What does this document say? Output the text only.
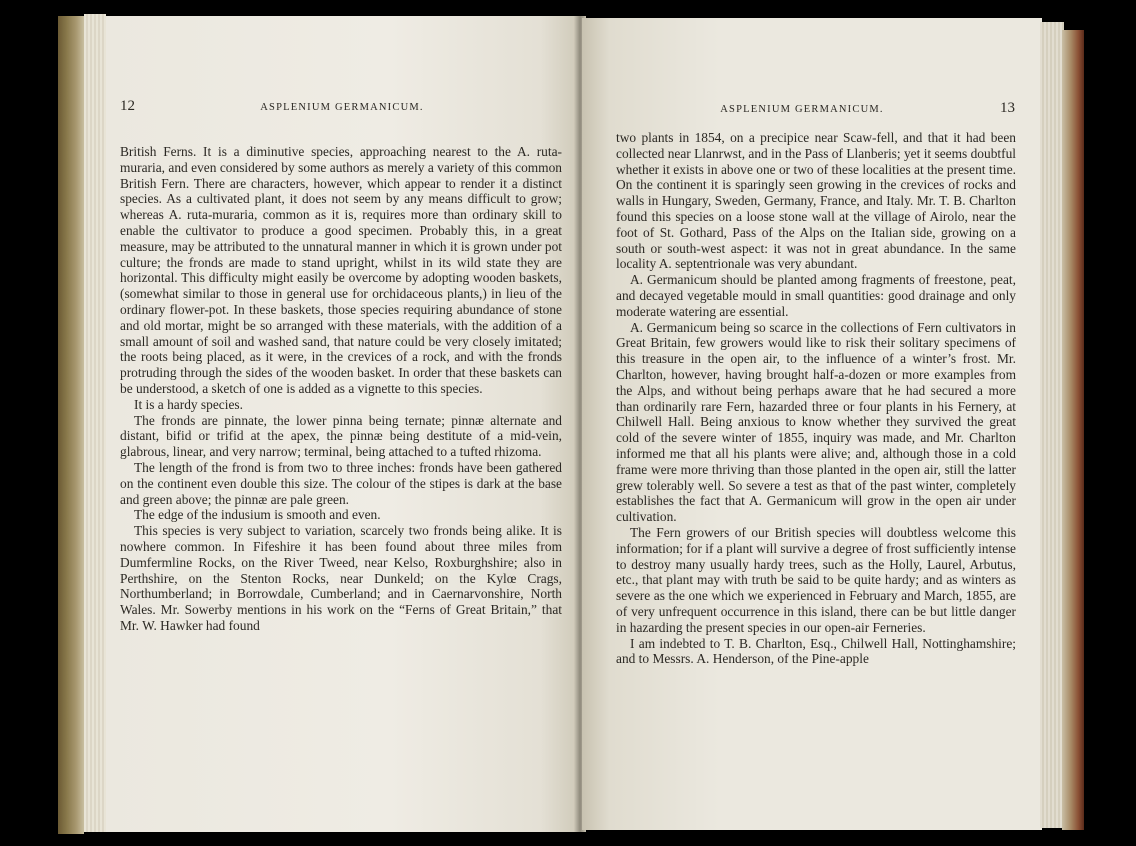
12	ASPLENIUM GERMANICUM.

British Ferns. It is a diminutive species, approaching nearest to the A. ruta-muraria, and even considered by some authors as merely a variety of this common British Fern. There are characters, however, which appear to render it a distinct species. As a cultivated plant, it does not seem by any means difficult to grow; whereas A. ruta-muraria, common as it is, requires more than ordinary skill to enable the cultivator to produce a good specimen. Probably this, in a great measure, may be attributed to the unnatural manner in which it is grown under pot culture; the fronds are made to stand upright, whilst in its wild state they are horizontal. This difficulty might easily be overcome by adopting wooden baskets, (somewhat similar to those in general use for orchidaceous plants,) in lieu of the ordinary flower-pot. In these baskets, those species requiring abundance of stone and old mortar, might be so arranged with these materials, with the addition of a small amount of soil and washed sand, that nature could be very closely imitated; the roots being placed, as it were, in the crevices of a rock, and with the fronds protruding through the sides of the wooden basket. In order that these baskets can be understood, a sketch of one is added as a vignette to this species.

It is a hardy species.

The fronds are pinnate, the lower pinna being ternate; pinnæ alternate and distant, bifid or trifid at the apex, the pinnæ being destitute of a mid-vein, glabrous, linear, and very narrow; terminal, being attached to a tufted rhizoma.

The length of the frond is from two to three inches: fronds have been gathered on the continent even double this size. The colour of the stipes is dark at the base and green above; the pinnæ are pale green.

The edge of the indusium is smooth and even.

This species is very subject to variation, scarcely two fronds being alike. It is nowhere common. In Fifeshire it has been found about three miles from Dumfermline Rocks, on the River Tweed, near Kelso, Roxburghshire; also in Perthshire, on the Stenton Rocks, near Dunkeld; on the Kylœ Crags, Northumberland; in Borrowdale, Cumberland; and in Caernarvonshire, North Wales. Mr. Sowerby mentions in his work on the “Ferns of Great Britain,” that Mr. W. Hawker had found

ASPLENIUM GERMANICUM.	13

two plants in 1854, on a precipice near Scaw-fell, and that it had been collected near Llanrwst, and in the Pass of Llanberis; yet it seems doubtful whether it exists in above one or two of these localities at the present time. On the continent it is sparingly seen growing in the crevices of rocks and walls in Hungary, Sweden, Germany, France, and Italy. Mr. T. B. Charlton found this species on a loose stone wall at the village of Airolo, near the foot of St. Gothard, Pass of the Alps on the Italian side, growing on a south or south-west aspect: it was not in great abundance. In the same locality A. septentrionale was very abundant.

A. Germanicum should be planted among fragments of freestone, peat, and decayed vegetable mould in small quantities: good drainage and only moderate watering are essential.

A. Germanicum being so scarce in the collections of Fern cultivators in Great Britain, few growers would like to risk their solitary specimens of this treasure in the open air, to the influence of a winter’s frost. Mr. Charlton, however, having brought half-a-dozen or more examples from the Alps, and without being perhaps aware that he had secured a more than ordinarily rare Fern, hazarded three or four plants in his Fernery, at Chilwell Hall. Being anxious to know whether they survived the great cold of the severe winter of 1855, inquiry was made, and Mr. Charlton informed me that all his plants were alive; and, although those in a cold frame were more thriving than those planted in the open air, still the latter grew tolerably well. So severe a test as that of the past winter, completely establishes the fact that A. Germanicum will grow in the open air under cultivation.

The Fern growers of our British species will doubtless welcome this information; for if a plant will survive a degree of frost sufficiently intense to destroy many usually hardy trees, such as the Holly, Laurel, Arbutus, etc., that plant may with truth be said to be quite hardy; and as winters as severe as the one which we experienced in February and March, 1855, are of very unfrequent occurrence in this island, there can be but little danger in hazarding the present species in our open-air Ferneries.

I am indebted to T. B. Charlton, Esq., Chilwell Hall, Nottinghamshire; and to Messrs. A. Henderson, of the Pine-apple
